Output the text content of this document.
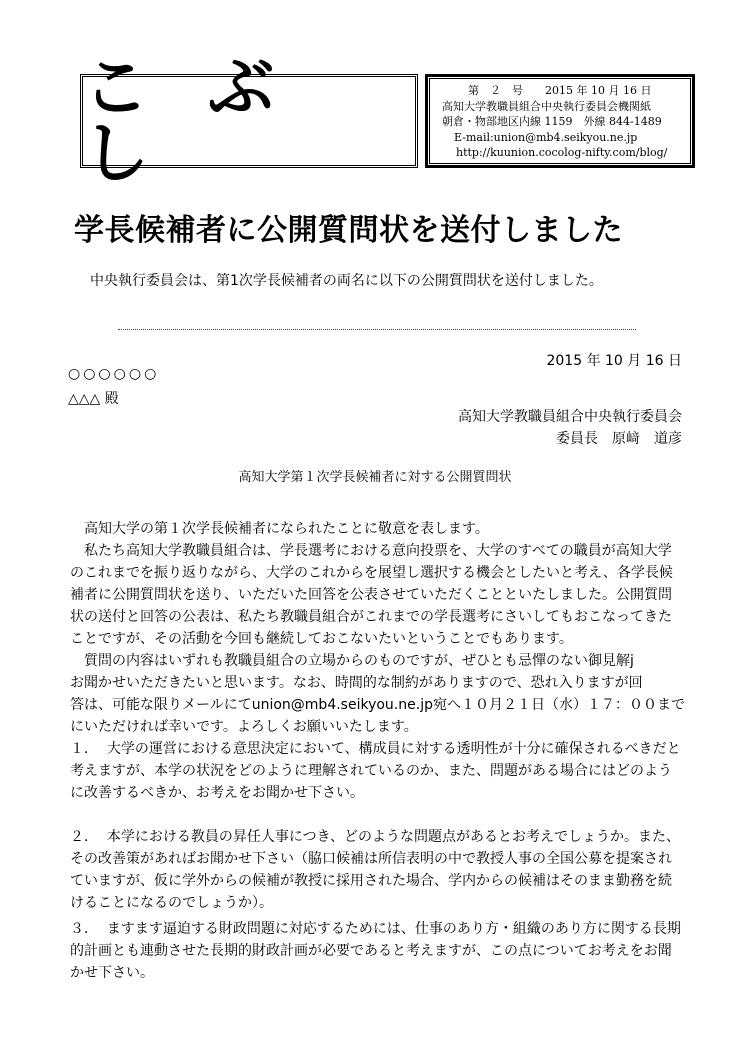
こ ぶ し
第　２　号　　2015 年 10 月 16 日
高知大学教職員組合中央執行委員会機関紙
朝倉・物部地区内線 1159　外線 844-1489
E-mail:union@mb4.seikyou.ne.jp
http://kuunion.cocolog-nifty.com/blog/
学長候補者に公開質問状を送付しました
中央執行委員会は、第1次学長候補者の両名に以下の公開質問状を送付しました。
2015 年 10 月 16 日
○○○○○○
△△△ 殿
高知大学教職員組合中央執行委員会
委員長　原﨑　道彦
高知大学第１次学長候補者に対する公開質問状

　高知大学の第１次学長候補者になられたことに敬意を表します。

　私たち高知大学教職員組合は、学長選考における意向投票を、大学のすべての職員が高知大学

のこれまでを振り返りながら、大学のこれからを展望し選択する機会としたいと考え、各学長候

補者に公開質問状を送り、いただいた回答を公表させていただくことといたしました。公開質問

状の送付と回答の公表は、私たち教職員組合がこれまでの学長選考にさいしてもおこなってきた

ことですが、その活動を今回も継続しておこないたいということでもあります。

　質問の内容はいずれも教職員組合の立場からのものですが、ぜひとも忌憚のない御見解j

お聞かせいただきたいと思います。なお、時間的な制約がありますので、恐れ入りますが回

答は、可能な限りメールにてunion@mb4.seikyou.ne.jp宛へ１０月２１日（水）１７：００まで

にいただければ幸いです。よろしくお願いいたします。

１．  大学の運営における意思決定において、構成員に対する透明性が十分に確保されるべきだと

考えますが、本学の状況をどのように理解されているのか、また、問題がある場合にはどのよう

に改善するべきか、お考えをお聞かせ下さい。

２．  本学における教員の昇任人事につき、どのような問題点があるとお考えでしょうか。また、

その改善策があればお聞かせ下さい（脇口候補は所信表明の中で教授人事の全国公募を提案され

ていますが、仮に学外からの候補が教授に採用された場合、学内からの候補はそのまま勤務を続

けることになるのでしょうか）。

３．  ますます逼迫する財政問題に対応するためには、仕事のあり方・組織のあり方に関する長期

的計画とも連動させた長期的財政計画が必要であると考えますが、この点についてお考えをお聞

かせ下さい。
